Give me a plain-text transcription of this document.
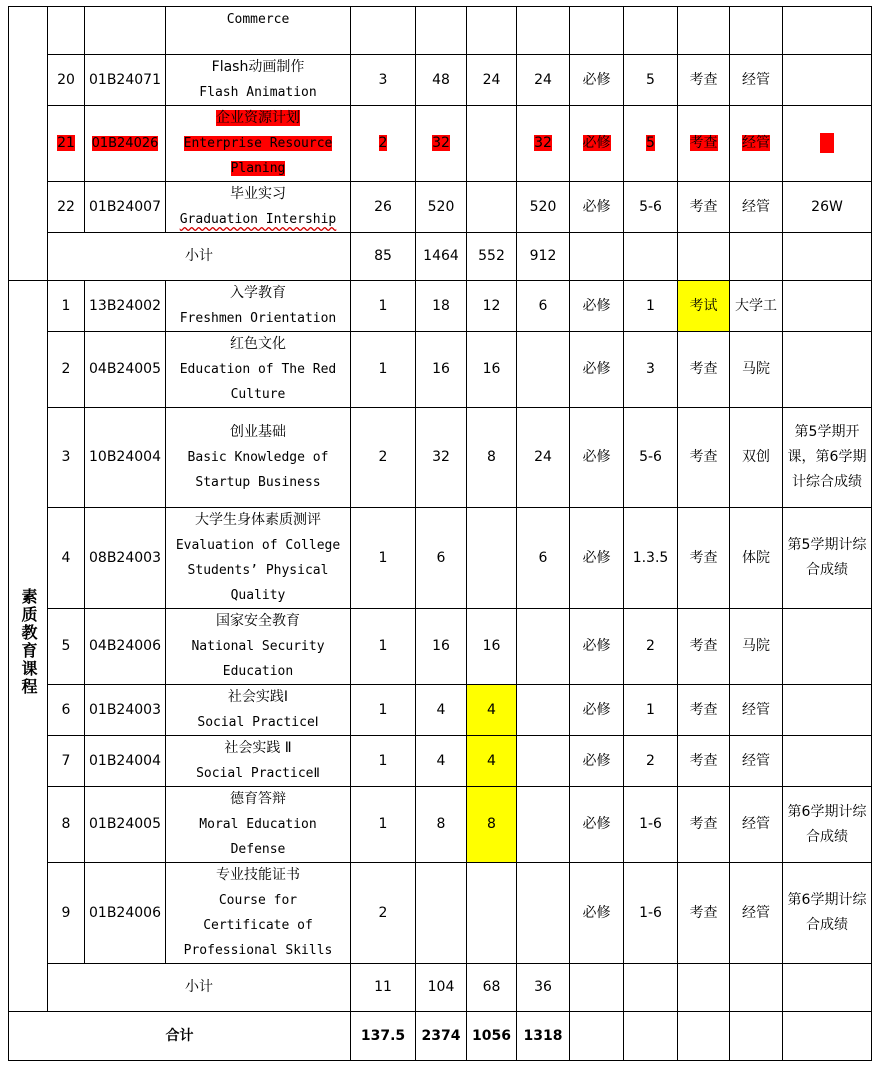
			Commerce									

	20	01B24071	Flash动画制作
Flash Animation	3	48	24	24	必修	5	考查	经管	
	21	01B24026	企业资源计划
Enterprise Resource
Planing	2	32		32	必修	5	考查	经管	
	22	01B24007	毕业实习
Graduation Intership	26	520		520	必修	5-6	考查	经管	26W
	小计			85	1464	552	912					
素质教育课程	1	13B24002	入学教育
Freshmen Orientation	1	18	12	6	必修	1	考试	大学工	
	2	04B24005	红色文化
Education of The Red
Culture	1	16	16		必修	3	考查	马院	
	3	10B24004	创业基础
Basic Knowledge of
Startup Business	2	32	8	24	必修	5-6	考查	双创	第5学期开课，第6学期计综合成绩
	4	08B24003	大学生身体素质测评
Evaluation of College
Students’ Physical
Quality	1	6		6	必修	1.3.5	考查	体院	第5学期计综合成绩
	5	04B24006	国家安全教育
National Security
Education	1	16	16		必修	2	考查	马院	
	6	01B24003	社会实践Ⅰ
Social PracticeⅠ	1	4	4		必修	1	考查	经管	
	7	01B24004	社会实践 Ⅱ
Social PracticeⅡ	1	4	4		必修	2	考查	经管	
	8	01B24005	德育答辩
Moral Education
Defense	1	8	8		必修	1-6	考查	经管	第6学期计综合成绩
	9	01B24006	专业技能证书
Course for
Certificate of
Professional Skills	2				必修	1-6	考查	经管	第6学期计综合成绩
	小计			11	104	68	36					
合计				137.5	2374	1056	1318					
